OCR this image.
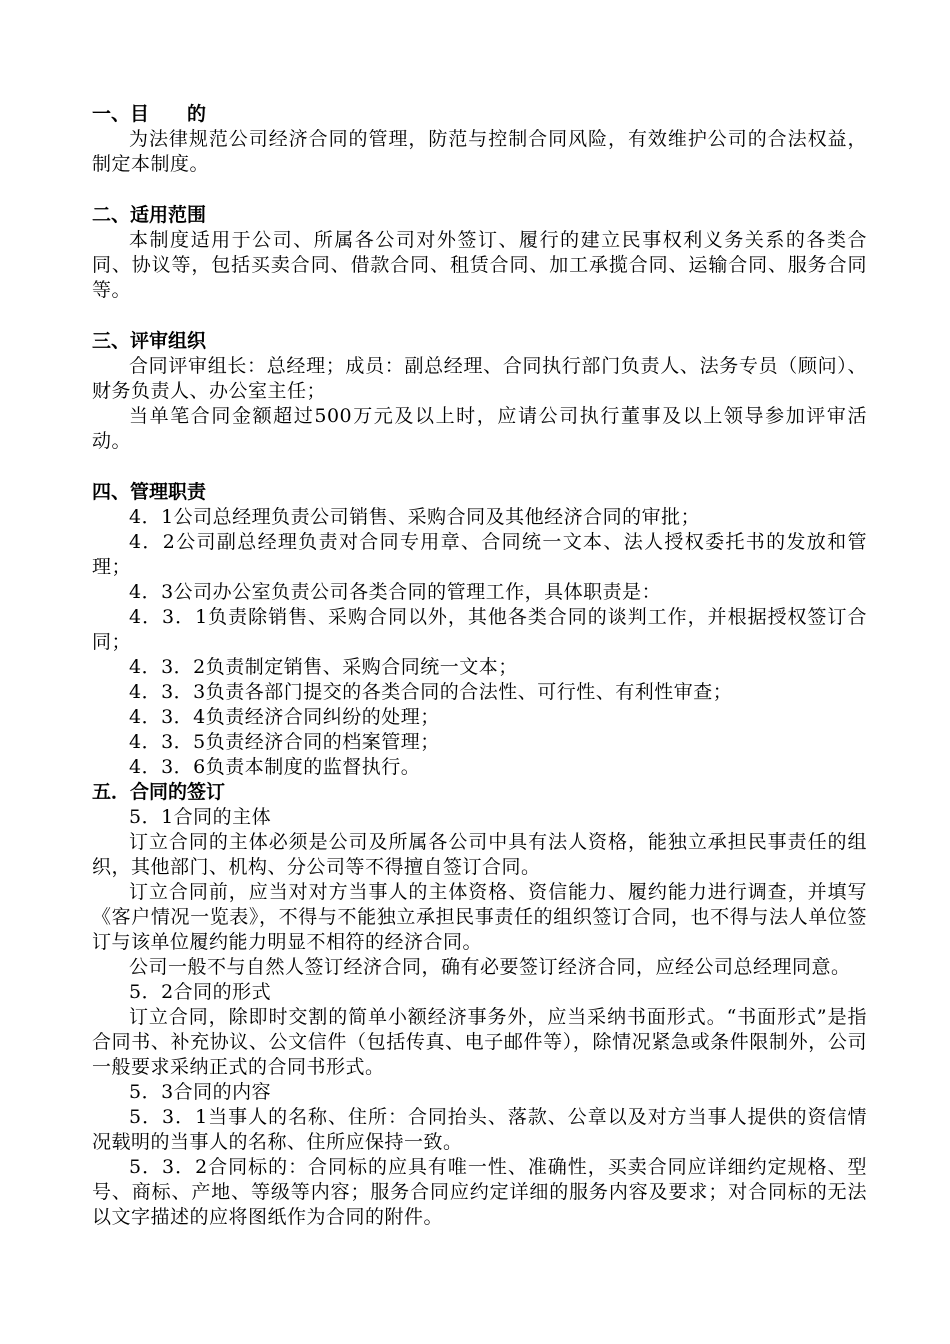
一、目　　的

为法律规范公司经济合同的管理，防范与控制合同风险，有效维护公司的合法权益，制定本制度。

二、适用范围

本制度适用于公司、所属各公司对外签订、履行的建立民事权利义务关系的各类合同、协议等，包括买卖合同、借款合同、租赁合同、加工承揽合同、运输合同、服务合同等。

三、评审组织

合同评审组长：总经理；成员：副总经理、合同执行部门负责人、法务专员（顾问）、财务负责人、办公室主任；

当单笔合同金额超过500万元及以上时，应请公司执行董事及以上领导参加评审活动。

四、管理职责

4．1公司总经理负责公司销售、采购合同及其他经济合同的审批；

4．2公司副总经理负责对合同专用章、合同统一文本、法人授权委托书的发放和管理；

4．3公司办公室负责公司各类合同的管理工作，具体职责是：

4．3．1负责除销售、采购合同以外，其他各类合同的谈判工作，并根据授权签订合同；

4．3．2负责制定销售、采购合同统一文本；

4．3．3负责各部门提交的各类合同的合法性、可行性、有利性审查；

4．3．4负责经济合同纠纷的处理；

4．3．5负责经济合同的档案管理；

4．3．6负责本制度的监督执行。

五．合同的签订

5．1合同的主体

订立合同的主体必须是公司及所属各公司中具有法人资格，能独立承担民事责任的组织，其他部门、机构、分公司等不得擅自签订合同。

订立合同前，应当对对方当事人的主体资格、资信能力、履约能力进行调查，并填写《客户情况一览表》，不得与不能独立承担民事责任的组织签订合同，也不得与法人单位签订与该单位履约能力明显不相符的经济合同。

公司一般不与自然人签订经济合同，确有必要签订经济合同，应经公司总经理同意。

5．2合同的形式

订立合同，除即时交割的简单小额经济事务外，应当采纳书面形式。“书面形式”是指合同书、补充协议、公文信件（包括传真、电子邮件等），除情况紧急或条件限制外，公司一般要求采纳正式的合同书形式。

5．3合同的内容

5．3．1当事人的名称、住所：合同抬头、落款、公章以及对方当事人提供的资信情况载明的当事人的名称、住所应保持一致。

5．3．2合同标的：合同标的应具有唯一性、准确性，买卖合同应详细约定规格、型号、商标、产地、等级等内容；服务合同应约定详细的服务内容及要求；对合同标的无法以文字描述的应将图纸作为合同的附件。
